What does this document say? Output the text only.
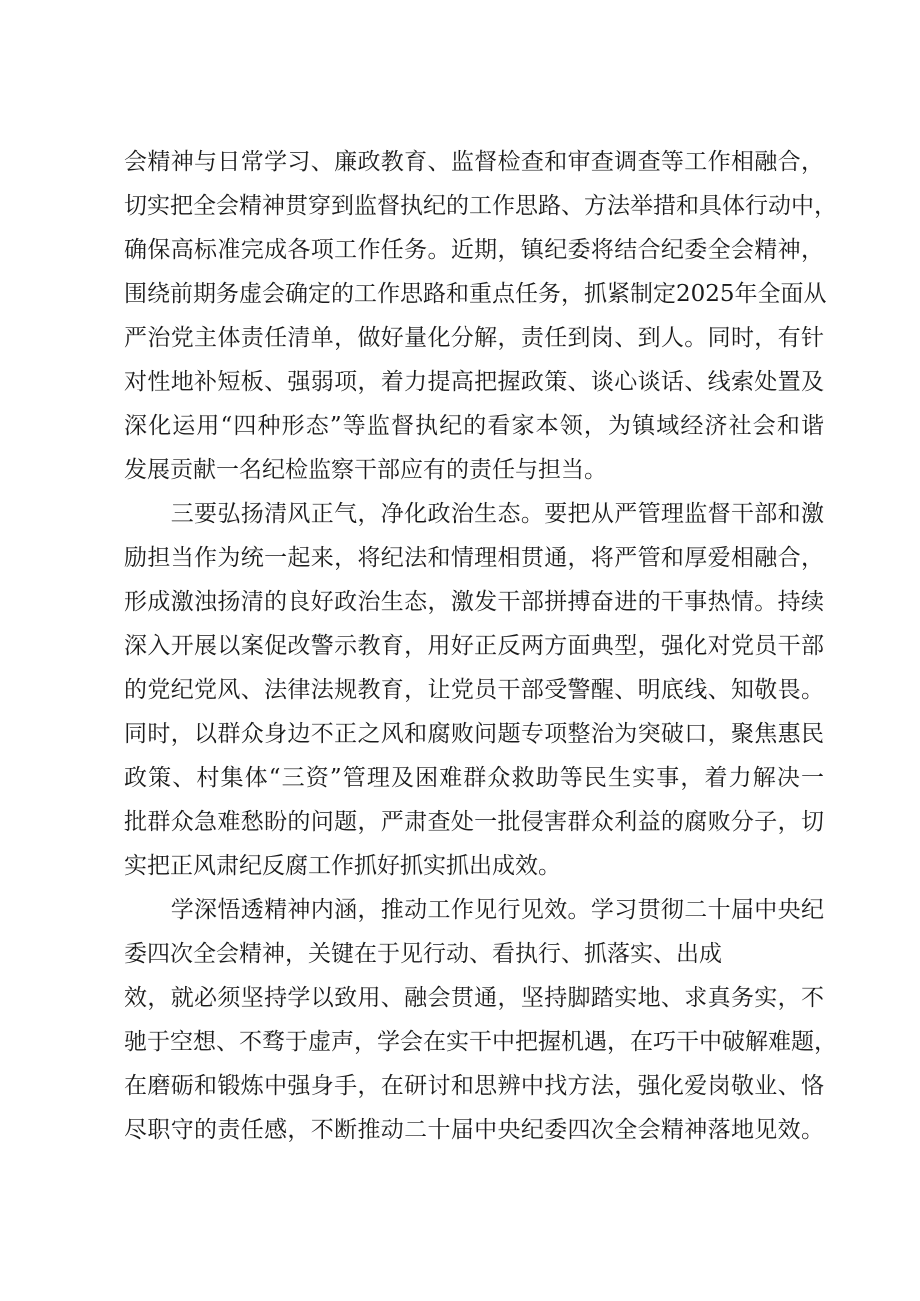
会精神与日常学习、廉政教育、监督检查和审查调查等工作相融合，
切实把全会精神贯穿到监督执纪的工作思路、方法举措和具体行动中，
确保高标准完成各项工作任务。近期，镇纪委将结合纪委全会精神，
围绕前期务虚会确定的工作思路和重点任务，抓紧制定2025年全面从
严治党主体责任清单，做好量化分解，责任到岗、到人。同时，有针
对性地补短板、强弱项，着力提高把握政策、谈心谈话、线索处置及
深化运用“四种形态”等监督执纪的看家本领，为镇域经济社会和谐
发展贡献一名纪检监察干部应有的责任与担当。
　　三要弘扬清风正气，净化政治生态。要把从严管理监督干部和激
励担当作为统一起来，将纪法和情理相贯通，将严管和厚爱相融合，
形成激浊扬清的良好政治生态，激发干部拼搏奋进的干事热情。持续
深入开展以案促改警示教育，用好正反两方面典型，强化对党员干部
的党纪党风、法律法规教育，让党员干部受警醒、明底线、知敬畏。
同时，以群众身边不正之风和腐败问题专项整治为突破口，聚焦惠民
政策、村集体“三资”管理及困难群众救助等民生实事，着力解决一
批群众急难愁盼的问题，严肃查处一批侵害群众利益的腐败分子，切
实把正风肃纪反腐工作抓好抓实抓出成效。
　　学深悟透精神内涵，推动工作见行见效。学习贯彻二十届中央纪
委四次全会精神，关键在于见行动、看执行、抓落实、出成
效，就必须坚持学以致用、融会贯通，坚持脚踏实地、求真务实，不
驰于空想、不骛于虚声，学会在实干中把握机遇，在巧干中破解难题，
在磨砺和锻炼中强身手，在研讨和思辨中找方法，强化爱岗敬业、恪
尽职守的责任感，不断推动二十届中央纪委四次全会精神落地见效。
